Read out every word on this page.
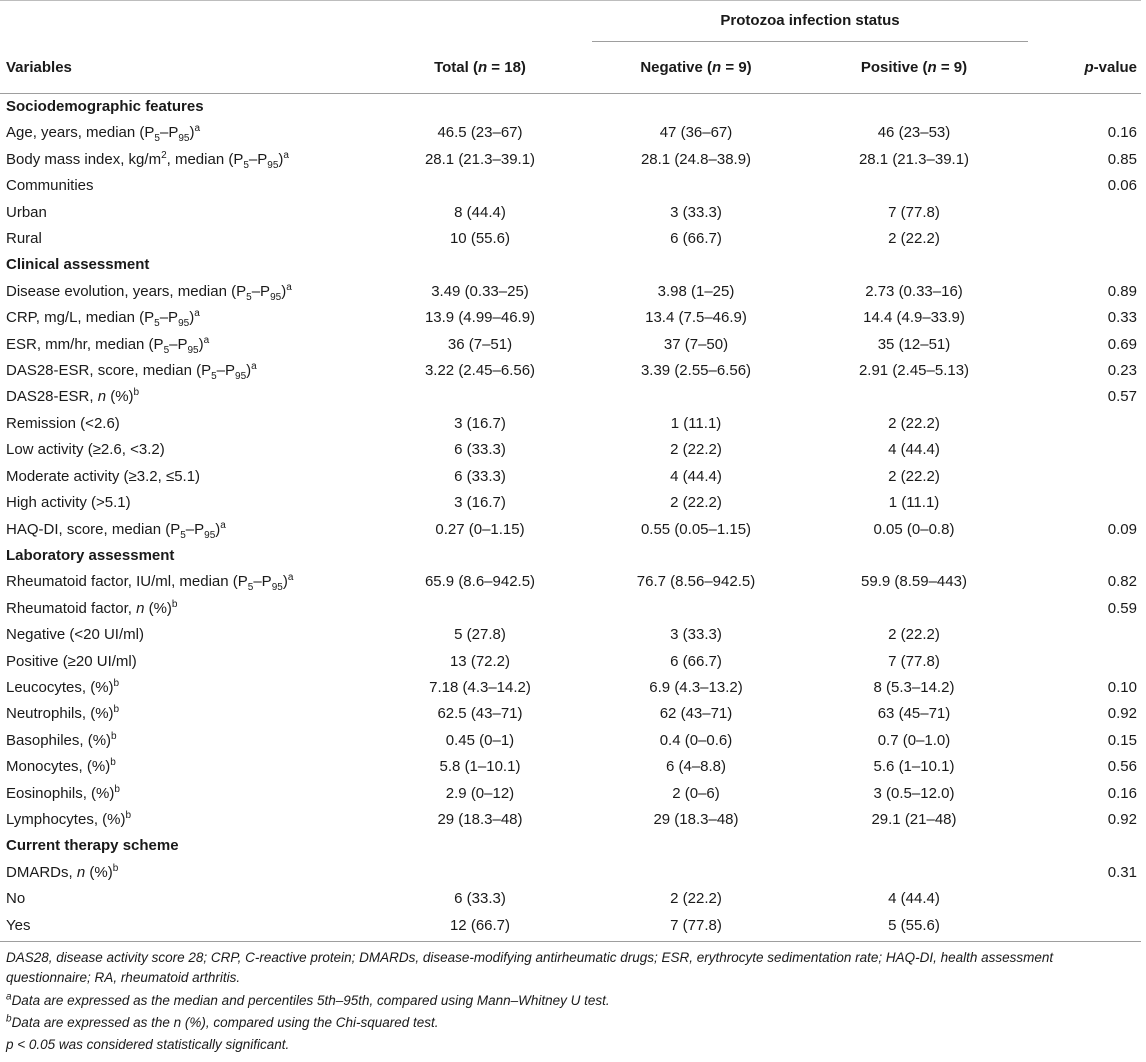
		Protozoa infection status		
Variables	Total (n = 18)	Negative (n = 9)	Positive (n = 9)	p-value
Sociodemographic features				
Age, years, median $(P_5-P_{95})^a$	46.5 (23–67)	47 (36–67)	46 (23–53)	0.16
Body mass index, $kg/m^2$, median $(P_5-P_{95})^a$	28.1 (21.3–39.1)	28.1 (24.8–38.9)	28.1 (21.3–39.1)	0.85
Communities				0.06
Urban	8 (44.4)	3 (33.3)	7 (77.8)	
Rural	10 (55.6)	6 (66.7)	2 (22.2)	
Clinical assessment				
Disease evolution, years, median $(P_5-P_{95})^a$	3.49 (0.33–25)	3.98 (1–25)	2.73 (0.33–16)	0.89
CRP, mg/L, median $(P_5-P_{95})^a$	13.9 (4.99–46.9)	13.4 (7.5–46.9)	14.4 (4.9–33.9)	0.33
ESR, mm/hr, median $(P_5-P_{95})^a$	36 (7–51)	37 (7–50)	35 (12–51)	0.69
DAS28-ESR, score, median $(P_5-P_{95})^a$	3.22 (2.45–6.56)	3.39 (2.55–6.56)	2.91 (2.45–5.13)	0.23
DAS28-ESR, n (%)$^b$				0.57
Remission (<2.6)	3 (16.7)	1 (11.1)	2 (22.2)	
Low activity (≥2.6, <3.2)	6 (33.3)	2 (22.2)	4 (44.4)	
Moderate activity (≥3.2, ≤5.1)	6 (33.3)	4 (44.4)	2 (22.2)	
High activity (>5.1)	3 (16.7)	2 (22.2)	1 (11.1)	
HAQ-DI, score, median $(P_5-P_{95})^a$	0.27 (0–1.15)	0.55 (0.05–1.15)	0.05 (0–0.8)	0.09
Laboratory assessment				
Rheumatoid factor, IU/ml, median $(P_5-P_{95})^a$	65.9 (8.6–942.5)	76.7 (8.56–942.5)	59.9 (8.59–443)	0.82
Rheumatoid factor, n (%)$^b$				0.59
Negative (<20 UI/ml)	5 (27.8)	3 (33.3)	2 (22.2)	
Positive (≥20 UI/ml)	13 (72.2)	6 (66.7)	7 (77.8)	
Leucocytes, (%)$^b$	7.18 (4.3–14.2)	6.9 (4.3–13.2)	8 (5.3–14.2)	0.10
Neutrophils, (%)$^b$	62.5 (43–71)	62 (43–71)	63 (45–71)	0.92
Basophiles, (%)$^b$	0.45 (0–1)	0.4 (0–0.6)	0.7 (0–1.0)	0.15
Monocytes, (%)$^b$	5.8 (1–10.1)	6 (4–8.8)	5.6 (1–10.1)	0.56
Eosinophils, (%)$^b$	2.9 (0–12)	2 (0–6)	3 (0.5–12.0)	0.16
Lymphocytes, (%)$^b$	29 (18.3–48)	29 (18.3–48)	29.1 (21–48)	0.92
Current therapy scheme				
DMARDs, n (%)$^b$				0.31
No	6 (33.3)	2 (22.2)	4 (44.4)	
Yes	12 (66.7)	7 (77.8)	5 (55.6)	

DAS28, disease activity score 28; CRP, C-reactive protein; DMARDs, disease-modifying antirheumatic drugs; ESR, erythrocyte sedimentation rate; HAQ-DI, health assessment questionnaire; RA, rheumatoid arthritis.

$^a$Data are expressed as the median and percentiles 5th–95th, compared using Mann–Whitney U test.

$^b$Data are expressed as the n (%), compared using the Chi-squared test.

p < 0.05 was considered statistically significant.
